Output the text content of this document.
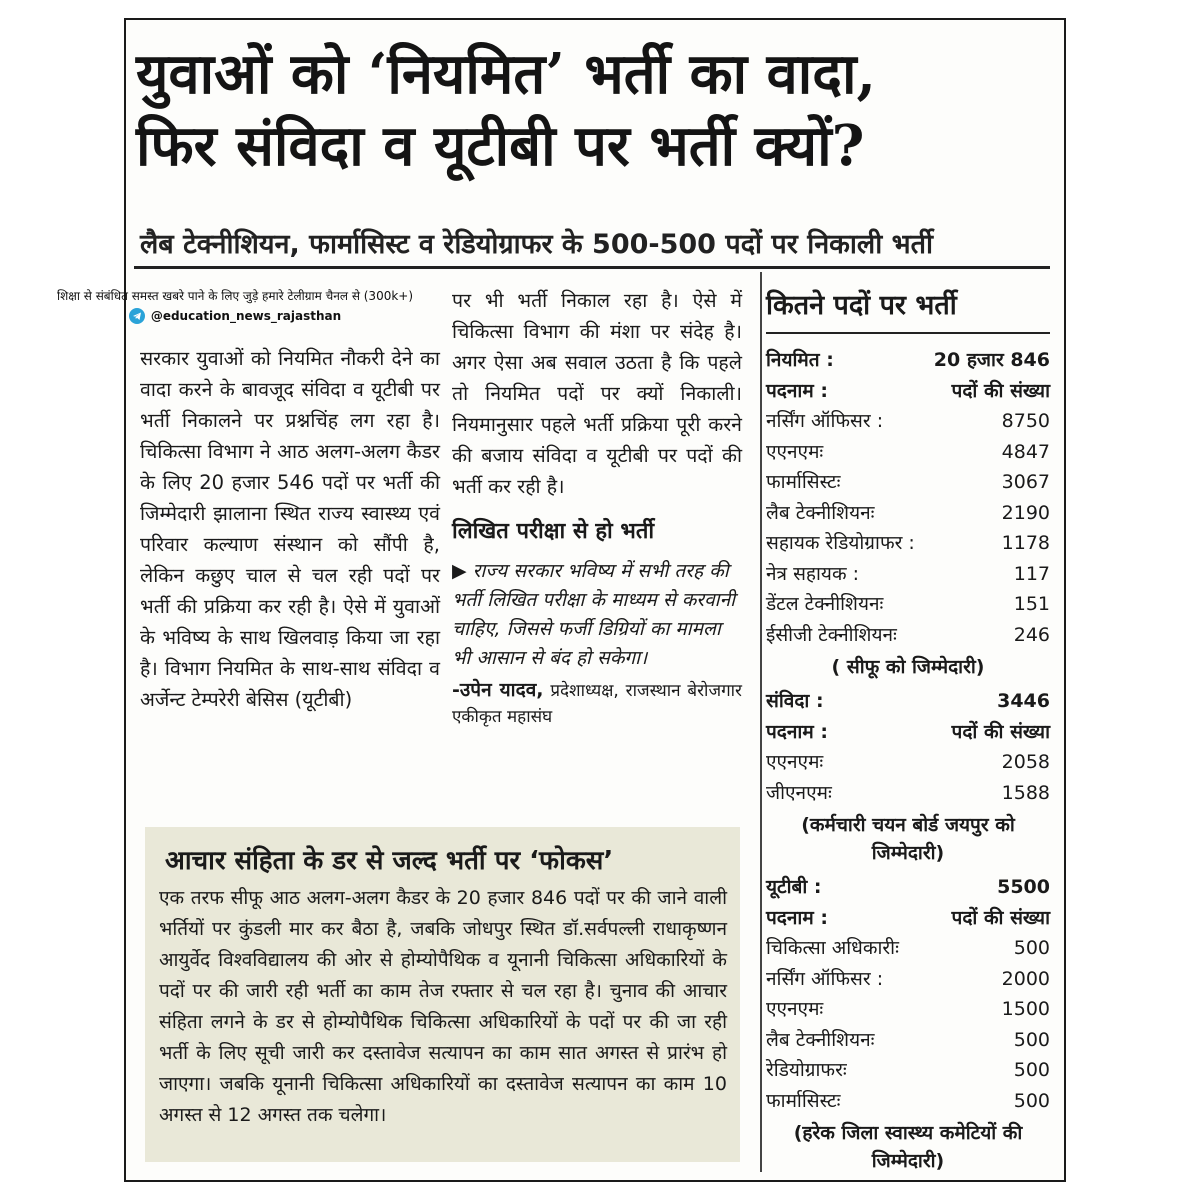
युवाओं को ‘नियमित’ भर्ती का वादा,
फिर संविदा व यूटीबी पर भर्ती क्यों?
लैब टेक्नीशियन, फार्मासिस्ट व रेडियोग्राफर के 500-500 पदों पर निकाली भर्ती
शिक्षा से संबंधित समस्त खबरे पाने के लिए जुड़े हमारे टेलीग्राम चैनल से (300k+)
@education_news_rajasthan
सरकार युवाओं को नियमित नौकरी देने का वादा करने के बावजूद संविदा व यूटीबी पर भर्ती निकालने पर प्रश्नचिंह लग रहा है। चिकित्सा विभाग ने आठ अलग-अलग कैडर के लिए 20 हजार 546 पदों पर भर्ती की जिम्मेदारी झालाना स्थित राज्य स्वास्थ्य एवं परिवार कल्याण संस्थान को सौंपी है, लेकिन कछुए चाल से चल रही पदों पर भर्ती की प्रक्रिया कर रही है। ऐसे में युवाओं के भविष्य के साथ खिलवाड़ किया जा रहा है। विभाग नियमित के साथ-साथ संविदा व अर्जेन्ट टेम्परेरी बेसिस (यूटीबी)
पर भी भर्ती निकाल रहा है। ऐसे में चिकित्सा विभाग की मंशा पर संदेह है। अगर ऐसा अब सवाल उठता है कि पहले तो नियमित पदों पर क्यों निकाली। नियमानुसार पहले भर्ती प्रक्रिया पूरी करने की बजाय संविदा व यूटीबी पर पदों की भर्ती कर रही है।
लिखित परीक्षा से हो भर्ती
▶ राज्य सरकार भविष्य में सभी तरह की भर्ती लिखित परीक्षा के माध्यम से करवानी चाहिए, जिससे फर्जी डिग्रियों का मामला भी आसान से बंद हो सकेगा।
-उपेन यादव, प्रदेशाध्यक्ष, राजस्थान बेरोजगार एकीकृत महासंघ
कितने पदों पर भर्ती
नियमित :	20 हजार 846
पदनाम :	पदों की संख्या
नर्सिंग ऑफिसर :	8750
एएनएमः	4847
फार्मासिस्टः	3067
लैब टेक्नीशियनः	2190
सहायक रेडियोग्राफर :	1178
नेत्र सहायक :	117
डेंटल टेक्नीशियनः	151
ईसीजी टेक्नीशियनः	246
( सीफू को जिम्मेदारी)
संविदा :	3446
पदनाम :	पदों की संख्या
एएनएमः	2058
जीएनएमः	1588
(कर्मचारी चयन बोर्ड जयपुर को जिम्मेदारी)
यूटीबी :	5500
पदनाम :	पदों की संख्या
चिकित्सा अधिकारीः	500
नर्सिंग ऑफिसर :	2000
एएनएमः	1500
लैब टेक्नीशियनः	500
रेडियोग्राफरः	500
फार्मासिस्टः	500
(हरेक जिला स्वास्थ्य कमेटियों की जिम्मेदारी)
आचार संहिता के डर से जल्द भर्ती पर ‘फोकस’
एक तरफ सीफू आठ अलग-अलग कैडर के 20 हजार 846 पदों पर की जाने वाली भर्तियों पर कुंडली मार कर बैठा है, जबकि जोधपुर स्थित डॉ.सर्वपल्ली राधाकृष्णन आयुर्वेद विश्वविद्यालय की ओर से होम्योपैथिक व यूनानी चिकित्सा अधिकारियों के पदों पर की जारी रही भर्ती का काम तेज रफ्तार से चल रहा है। चुनाव की आचार संहिता लगने के डर से होम्योपैथिक चिकित्सा अधिकारियों के पदों पर की जा रही भर्ती के लिए सूची जारी कर दस्तावेज सत्यापन का काम सात अगस्त से प्रारंभ हो जाएगा। जबकि यूनानी चिकित्सा अधिकारियों का दस्तावेज सत्यापन का काम 10 अगस्त से 12 अगस्त तक चलेगा।
